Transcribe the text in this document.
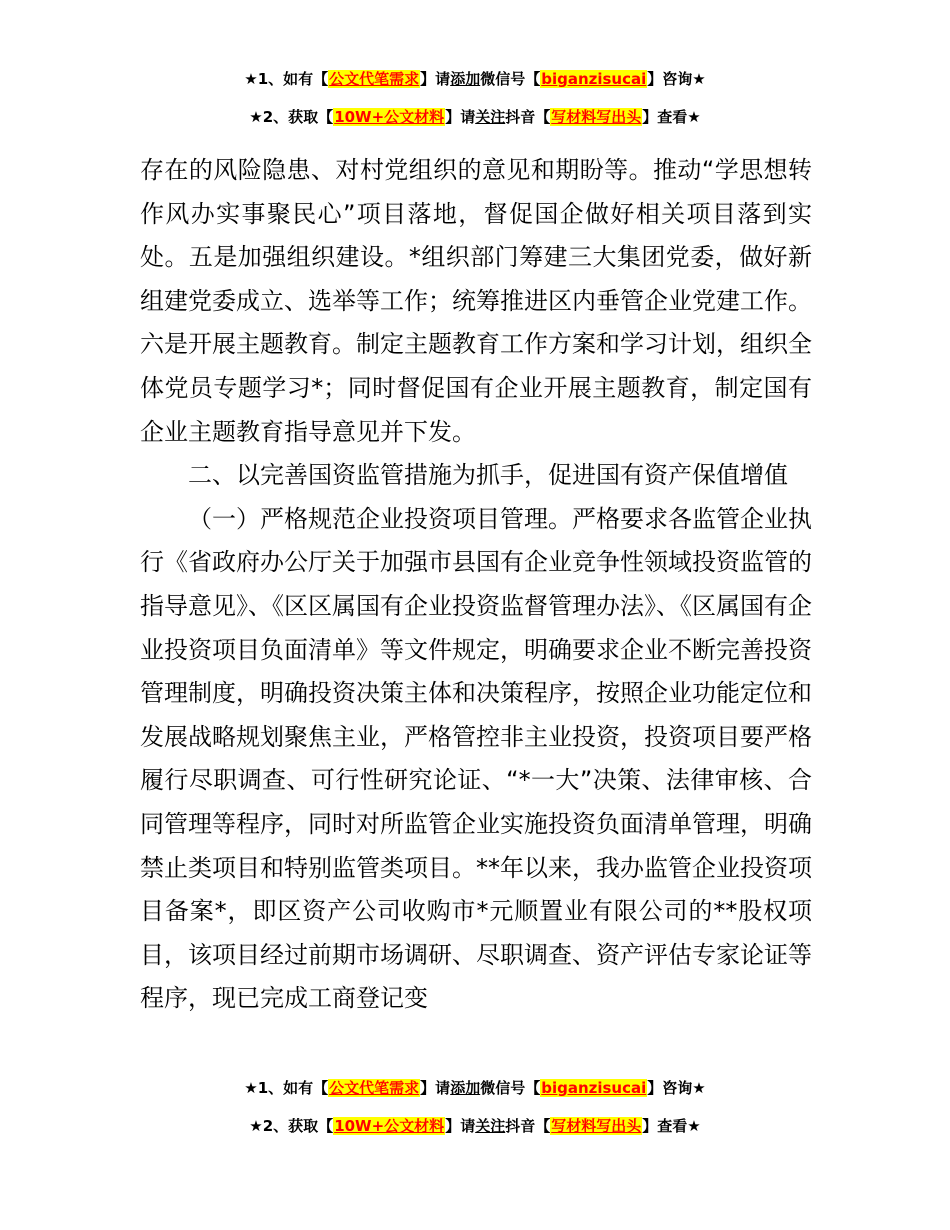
★1、如有【公文代笔需求】请添加微信号【biganzisucai】咨询★
★2、获取【10W+公文材料】请关注抖音【写材料写出头】查看★

存在的风险隐患、对村党组织的意见和期盼等。推动“学思想转作风办实事聚民心”项目落地，督促国企做好相关项目落到实处。五是加强组织建设。*组织部门筹建三大集团党委，做好新组建党委成立、选举等工作；统筹推进区内垂管企业党建工作。六是开展主题教育。制定主题教育工作方案和学习计划，组织全体党员专题学习*；同时督促国有企业开展主题教育，制定国有企业主题教育指导意见并下发。

二、以完善国资监管措施为抓手，促进国有资产保值增值

（一）严格规范企业投资项目管理。严格要求各监管企业执行《省政府办公厅关于加强市县国有企业竞争性领域投资监管的指导意见》、《区区属国有企业投资监督管理办法》、《区属国有企业投资项目负面清单》等文件规定，明确要求企业不断完善投资管理制度，明确投资决策主体和决策程序，按照企业功能定位和发展战略规划聚焦主业，严格管控非主业投资，投资项目要严格履行尽职调查、可行性研究论证、“*一大”决策、法律审核、合同管理等程序，同时对所监管企业实施投资负面清单管理，明确禁止类项目和特别监管类项目。**年以来，我办监管企业投资项目备案*，即区资产公司收购市*元顺置业有限公司的**股权项目，该项目经过前期市场调研、尽职调查、资产评估专家论证等程序，现已完成工商登记变

★1、如有【公文代笔需求】请添加微信号【biganzisucai】咨询★
★2、获取【10W+公文材料】请关注抖音【写材料写出头】查看★
